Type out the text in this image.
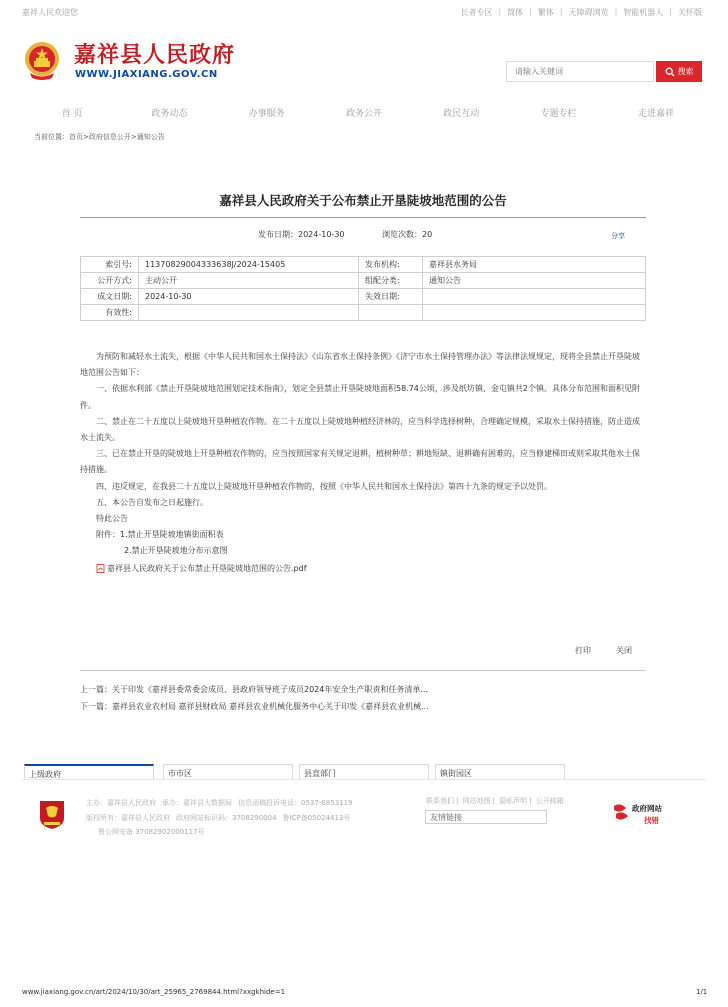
嘉祥人民欢迎您	长者专区 | 简体 | 繁体 | 无障碍浏览 | 智能机器人 | 关怀版
嘉祥县人民政府
WWW.JIAXIANG.GOV.CN
请输入关键词	搜索
首 页	政务动态	办事服务	政务公开	政民互动	专题专栏	走进嘉祥
当前位置：首页>政府信息公开>通知公告
嘉祥县人民政府关于公布禁止开垦陡坡地范围的公告
发布日期：2024-10-30	浏览次数：20	分享
索引号:	11370829004333638J/2024-15405	发布机构:	嘉祥县水务局
公开方式:	主动公开	组配分类:	通知公告
成文日期:	2024-10-30	失效日期:	
有效性:			

为预防和减轻水土流失，根据《中华人民共和国水土保持法》《山东省水土保持条例》《济宁市水土保持管理办法》等法律法规规定，现将全县禁止开垦陡坡地范围公告如下：

一、依据水利部《禁止开垦陡坡地范围划定技术指南》，划定全县禁止开垦陡坡地面积58.74公顷，涉及纸坊镇、金屯镇共2个镇。具体分布范围和面积见附件。

二、禁止在二十五度以上陡坡地开垦种植农作物。在二十五度以上陡坡地种植经济林的，应当科学选择树种，合理确定规模，采取水土保持措施，防止造成水土流失。

三、已在禁止开垦的陡坡地上开垦种植农作物的，应当按照国家有关规定退耕，植树种草；耕地短缺、退耕确有困难的，应当修建梯田或则采取其他水土保持措施。

四、违反规定，在我县二十五度以上陡坡地开垦种植农作物的，按照《中华人民共和国水土保持法》第四十九条的规定予以处罚。

五、本公告自发布之日起施行。

特此公告

附件：1.禁止开垦陡坡地镇街面积表
2.禁止开垦陡坡地分布示意图
嘉祥县人民政府关于公布禁止开垦陡坡地范围的公告.pdf
打印	关闭
上一篇：关于印发《嘉祥县委常委会成员、县政府领导班子成员2024年安全生产职责和任务清单...
下一篇：嘉祥县农业农村局 嘉祥县财政局 嘉祥县农业机械化服务中心关于印发《嘉祥县农业机械...
上级政府	市市区	县直部门	镇街园区
主办：嘉祥县人民政府 承办：嘉祥县大数据局 信息函稿投诉电话：0537-6853119
版权所有：嘉祥县人民政府 政府网站标识码：3708290004 鲁ICP备05024413号
鲁公网安备 37082902000117号
联系我们 | 网站地图 | 隐私声明 | 公开邮箱
友情链接
政府网站
找错
www.jiaxiang.gov.cn/art/2024/10/30/art_25965_2769844.html?xxgkhide=1	1/1
